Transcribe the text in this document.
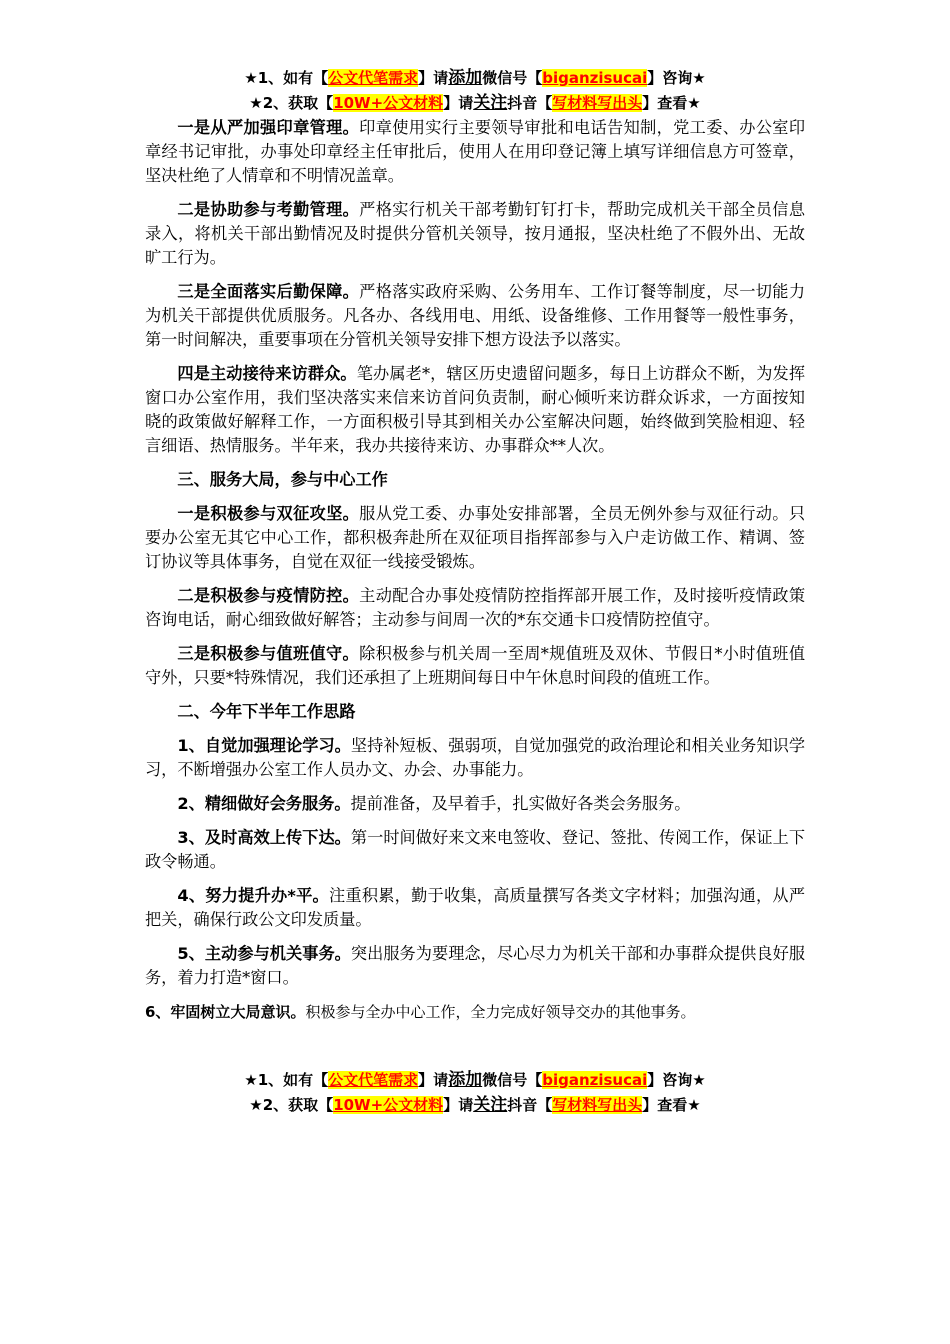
★1、如有【公文代笔需求】请添加微信号【biganzisucai】咨询★
★2、获取【10W+公文材料】请关注抖音【写材料写出头】查看★

一是从严加强印章管理。印章使用实行主要领导审批和电话告知制，党工委、办公室印章经书记审批，办事处印章经主任审批后，使用人在用印登记簿上填写详细信息方可签章，坚决杜绝了人情章和不明情况盖章。

二是协助参与考勤管理。严格实行机关干部考勤钉钉打卡，帮助完成机关干部全员信息录入，将机关干部出勤情况及时提供分管机关领导，按月通报，坚决杜绝了不假外出、无故旷工行为。

三是全面落实后勤保障。严格落实政府采购、公务用车、工作订餐等制度，尽一切能力为机关干部提供优质服务。凡各办、各线用电、用纸、设备维修、工作用餐等一般性事务，第一时间解决，重要事项在分管机关领导安排下想方设法予以落实。

四是主动接待来访群众。笔办属老*，辖区历史遗留问题多，每日上访群众不断，为发挥窗口办公室作用，我们坚决落实来信来访首问负责制，耐心倾听来访群众诉求，一方面按知晓的政策做好解释工作，一方面积极引导其到相关办公室解决问题，始终做到笑脸相迎、轻言细语、热情服务。半年来，我办共接待来访、办事群众**人次。

三、服务大局，参与中心工作

一是积极参与双征攻坚。服从党工委、办事处安排部署，全员无例外参与双征行动。只要办公室无其它中心工作，都积极奔赴所在双征项目指挥部参与入户走访做工作、精调、签订协议等具体事务，自觉在双征一线接受锻炼。

二是积极参与疫情防控。主动配合办事处疫情防控指挥部开展工作，及时接听疫情政策咨询电话，耐心细致做好解答；主动参与间周一次的*东交通卡口疫情防控值守。

三是积极参与值班值守。除积极参与机关周一至周*规值班及双休、节假日*小时值班值守外，只要*特殊情况，我们还承担了上班期间每日中午休息时间段的值班工作。

二、今年下半年工作思路

1、自觉加强理论学习。坚持补短板、强弱项，自觉加强党的政治理论和相关业务知识学习，不断增强办公室工作人员办文、办会、办事能力。

2、精细做好会务服务。提前准备，及早着手，扎实做好各类会务服务。

3、及时高效上传下达。第一时间做好来文来电签收、登记、签批、传阅工作，保证上下政令畅通。

4、努力提升办*平。注重积累，勤于收集，高质量撰写各类文字材料；加强沟通，从严把关，确保行政公文印发质量。

5、主动参与机关事务。突出服务为要理念，尽心尽力为机关干部和办事群众提供良好服务，着力打造*窗口。

6、牢固树立大局意识。积极参与全办中心工作，全力完成好领导交办的其他事务。

★1、如有【公文代笔需求】请添加微信号【biganzisucai】咨询★
★2、获取【10W+公文材料】请关注抖音【写材料写出头】查看★
